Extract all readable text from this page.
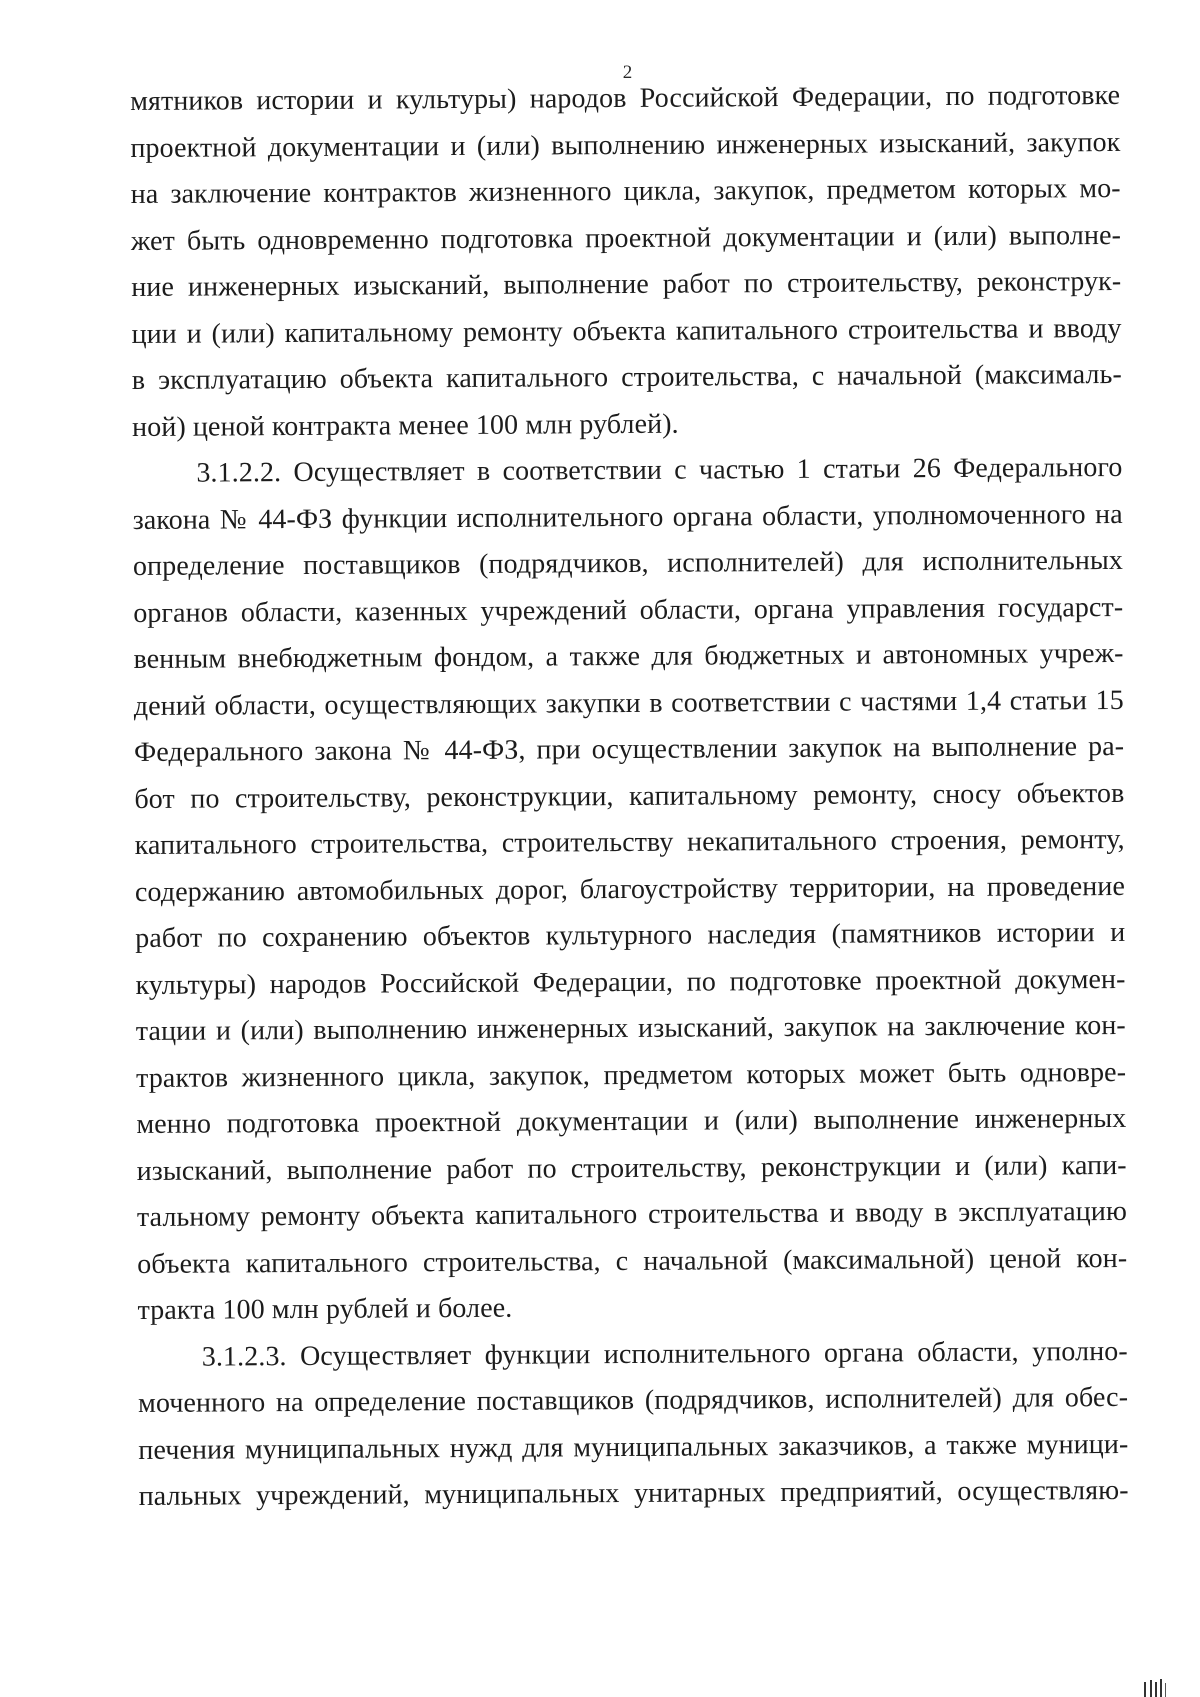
2
мятников истории и культуры) народов Российской Федерации, по подготовке
проектной документации и (или) выполнению инженерных изысканий, закупок
на заключение контрактов жизненного цикла, закупок, предметом которых мо-
жет быть одновременно подготовка проектной документации и (или) выполне-
ние инженерных изысканий, выполнение работ по строительству, реконструк-
ции и (или) капитальному ремонту объекта капитального строительства и вводу
в эксплуатацию объекта капитального строительства, с начальной (максималь-
ной) ценой контракта менее 100 млн рублей).
3.1.2.2. Осуществляет в соответствии с частью 1 статьи 26 Федерального
закона № 44-ФЗ функции исполнительного органа области, уполномоченного на
определение поставщиков (подрядчиков, исполнителей) для исполнительных
органов области, казенных учреждений области, органа управления государст-
венным внебюджетным фондом, а также для бюджетных и автономных учреж-
дений области, осуществляющих закупки в соответствии с частями 1,4 статьи 15
Федерального закона № 44-ФЗ, при осуществлении закупок на выполнение ра-
бот по строительству, реконструкции, капитальному ремонту, сносу объектов
капитального строительства, строительству некапитального строения, ремонту,
содержанию автомобильных дорог, благоустройству территории, на проведение
работ по сохранению объектов культурного наследия (памятников истории и
культуры) народов Российской Федерации, по подготовке проектной докумен-
тации и (или) выполнению инженерных изысканий, закупок на заключение кон-
трактов жизненного цикла, закупок, предметом которых может быть одновре-
менно подготовка проектной документации и (или) выполнение инженерных
изысканий, выполнение работ по строительству, реконструкции и (или) капи-
тальному ремонту объекта капитального строительства и вводу в эксплуатацию
объекта капитального строительства, с начальной (максимальной) ценой кон-
тракта 100 млн рублей и более.
3.1.2.3. Осуществляет функции исполнительного органа области, уполно-
моченного на определение поставщиков (подрядчиков, исполнителей) для обес-
печения муниципальных нужд для муниципальных заказчиков, а также муници-
пальных учреждений, муниципальных унитарных предприятий, осуществляю-
